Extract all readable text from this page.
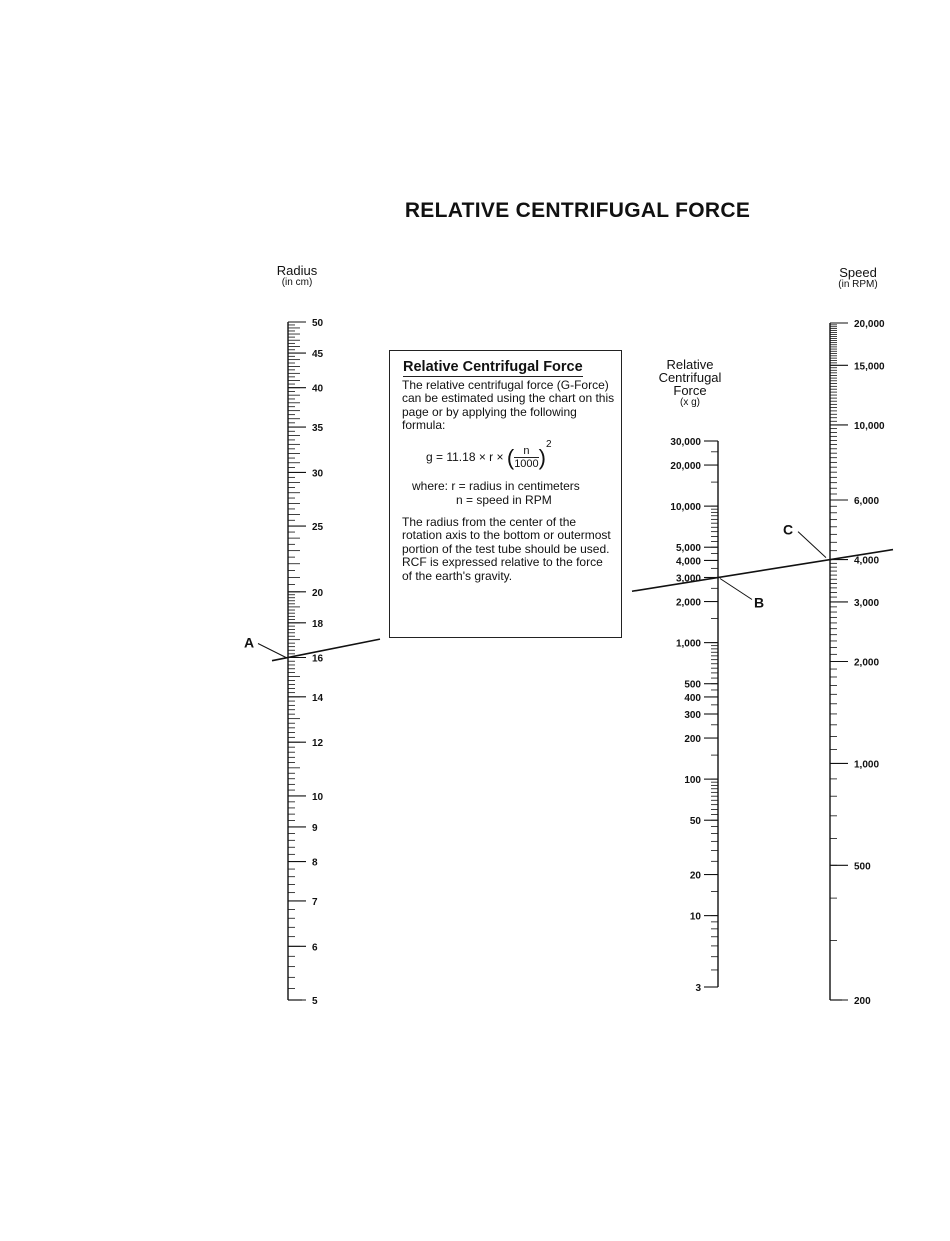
RELATIVE CENTRIFUGAL FORCE
Radius
(in cm)
Relative
Centrifugal
Force
(x g)
Speed
(in RPM)
Relative Centrifugal Force
The relative centrifugal force (G-Force) can be estimated using the chart on this page or by applying the following formula:
g = 11.18 × r × ( $\frac{n}{1000} )^2$
where: r = radius in centimeters
n = speed in RPM
The radius from the center of the rotation axis to the bottom or outermost portion of the test tube should be used. RCF is expressed relative to the force of the earth's gravity.
50
45
40
35
30
25
20
18
16
14
12
10
9
8
7
6
5
30,000
20,000
10,000
5,000
4,000
3,000
2,000
1,000
500
400
300
200
100
50
20
10
3
20,000
15,000
10,000
6,000
4,000
3,000
2,000
1,000
500
200
A
B
C
